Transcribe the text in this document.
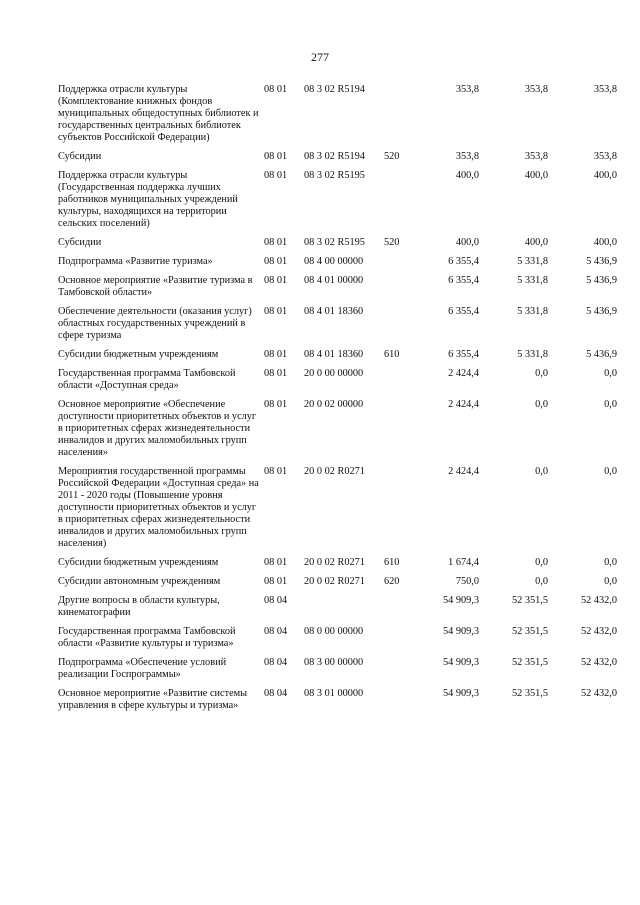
277
Поддержка отрасли культуры (Комплектование книжных фондов муниципальных общедоступных библиотек и государственных центральных библиотек субъектов Российской Федерации)	08 01	08 3 02 R5194		353,8	353,8	353,8
Субсидии	08 01	08 3 02 R5194	520	353,8	353,8	353,8
Поддержка отрасли культуры (Государственная поддержка лучших работников муниципальных учреждений культуры, находящихся на территории сельских поселений)	08 01	08 3 02 R5195		400,0	400,0	400,0
Субсидии	08 01	08 3 02 R5195	520	400,0	400,0	400,0
Подпрограмма «Развитие туризма»	08 01	08 4 00 00000		6 355,4	5 331,8	5 436,9
Основное мероприятие «Развитие туризма в Тамбовской области»	08 01	08 4 01 00000		6 355,4	5 331,8	5 436,9
Обеспечение деятельности (оказания услуг) областных государственных учреждений в сфере туризма	08 01	08 4 01 18360		6 355,4	5 331,8	5 436,9
Субсидии бюджетным учреждениям	08 01	08 4 01 18360	610	6 355,4	5 331,8	5 436,9
Государственная программа Тамбовской области «Доступная среда»	08 01	20 0 00 00000		2 424,4	0,0	0,0
Основное мероприятие «Обеспечение доступности приоритетных объектов и услуг в приоритетных сферах жизнедеятельности инвалидов и других маломобильных групп населения»	08 01	20 0 02 00000		2 424,4	0,0	0,0
Мероприятия государственной программы Российской Федерации «Доступная среда» на 2011 - 2020 годы (Повышение уровня доступности приоритетных объектов и услуг в приоритетных сферах жизнедеятельности инвалидов и других маломобильных групп населения)	08 01	20 0 02 R0271		2 424,4	0,0	0,0
Субсидии бюджетным учреждениям	08 01	20 0 02 R0271	610	1 674,4	0,0	0,0
Субсидии автономным учреждениям	08 01	20 0 02 R0271	620	750,0	0,0	0,0
Другие вопросы в области культуры, кинематографии	08 04			54 909,3	52 351,5	52 432,0
Государственная программа Тамбовской области «Развитие культуры и туризма»	08 04	08 0 00 00000		54 909,3	52 351,5	52 432,0
Подпрограмма «Обеспечение условий реализации Госпрограммы»	08 04	08 3 00 00000		54 909,3	52 351,5	52 432,0
Основное мероприятие «Развитие системы управления в сфере культуры и туризма»	08 04	08 3 01 00000		54 909,3	52 351,5	52 432,0
